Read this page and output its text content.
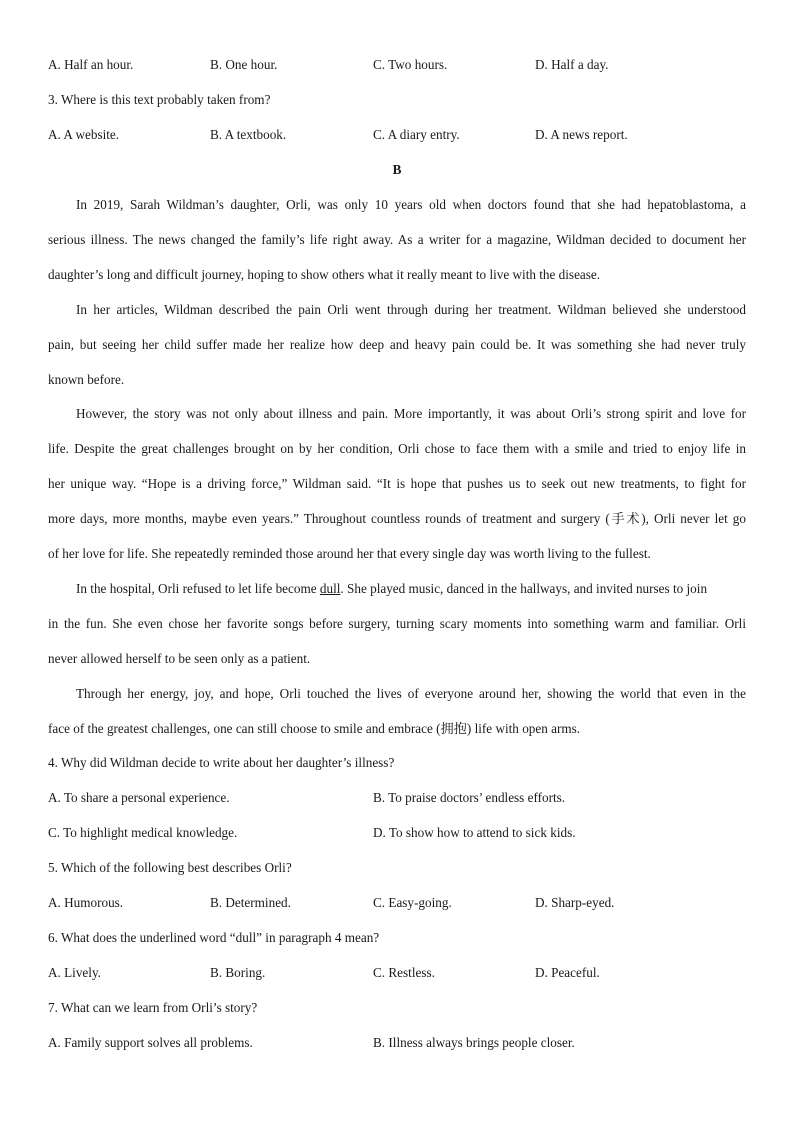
A. Half an hour.	B. One hour.	C. Two hours.	D. Half a day.
3. Where is this text probably taken from?
A. A website.	B. A textbook.	C. A diary entry.	D. A news report.
B
In 2019, Sarah Wildman’s daughter, Orli, was only 10 years old when doctors found that she had hepatoblastoma, a
serious illness. The news changed the family’s life right away. As a writer for a magazine, Wildman decided to document her
daughter’s long and difficult journey, hoping to show others what it really meant to live with the disease.
In her articles, Wildman described the pain Orli went through during her treatment. Wildman believed she understood
pain, but seeing her child suffer made her realize how deep and heavy pain could be. It was something she had never truly
known before.
However, the story was not only about illness and pain. More importantly, it was about Orli’s strong spirit and love for
life. Despite the great challenges brought on by her condition, Orli chose to face them with a smile and tried to enjoy life in
her unique way. “Hope is a driving force,” Wildman said. “It is hope that pushes us to seek out new treatments, to fight for
more days, more months, maybe even years.” Throughout countless rounds of treatment and surgery (手术), Orli never let go
of her love for life. She repeatedly reminded those around her that every single day was worth living to the fullest.
In the hospital, Orli refused to let life become dull. She played music, danced in the hallways, and invited nurses to join
in the fun. She even chose her favorite songs before surgery, turning scary moments into something warm and familiar. Orli
never allowed herself to be seen only as a patient.
Through her energy, joy, and hope, Orli touched the lives of everyone around her, showing the world that even in the
face of the greatest challenges, one can still choose to smile and embrace (拥抱) life with open arms.
4. Why did Wildman decide to write about her daughter’s illness?
A. To share a personal experience.	B. To praise doctors’ endless efforts.
C. To highlight medical knowledge.	D. To show how to attend to sick kids.
5. Which of the following best describes Orli?
A. Humorous.	B. Determined.	C. Easy-going.	D. Sharp-eyed.
6. What does the underlined word “dull” in paragraph 4 mean?
A. Lively.	B. Boring.	C. Restless.	D. Peaceful.
7. What can we learn from Orli’s story?
A. Family support solves all problems.	B. Illness always brings people closer.
